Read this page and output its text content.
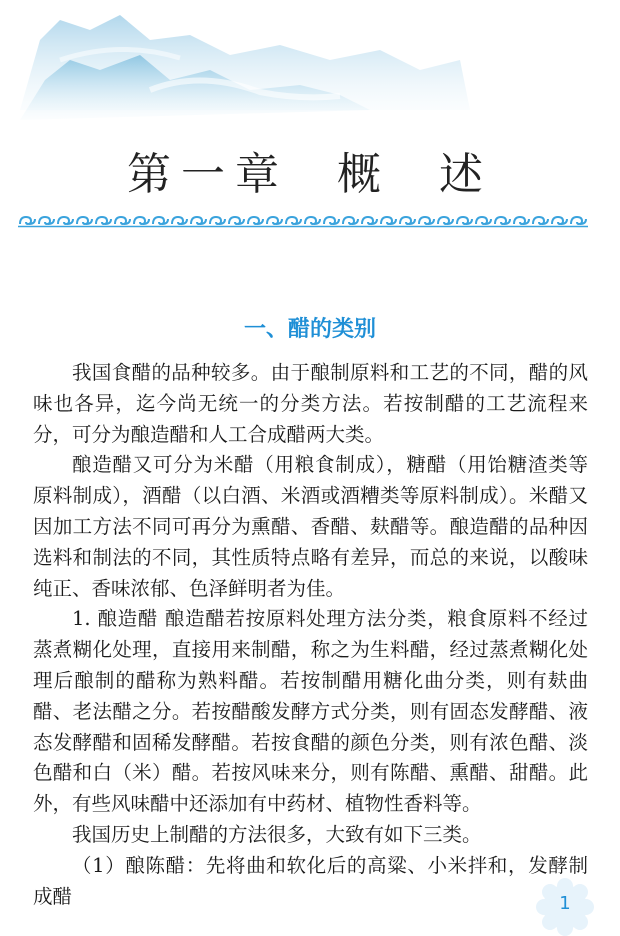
第一章 概 述
一、醋的类别

我国食醋的品种较多。由于酿制原料和工艺的不同，醋的风味也各异，迄今尚无统一的分类方法。若按制醋的工艺流程来分，可分为酿造醋和人工合成醋两大类。

酿造醋又可分为米醋（用粮食制成），糖醋（用饴糖渣类等原料制成），酒醋（以白酒、米酒或酒糟类等原料制成）。米醋又因加工方法不同可再分为熏醋、香醋、麸醋等。酿造醋的品种因选料和制法的不同，其性质特点略有差异，而总的来说，以酸味纯正、香味浓郁、色泽鲜明者为佳。

1. 酿造醋 酿造醋若按原料处理方法分类，粮食原料不经过蒸煮糊化处理，直接用来制醋，称之为生料醋，经过蒸煮糊化处理后酿制的醋称为熟料醋。若按制醋用糖化曲分类，则有麸曲醋、老法醋之分。若按醋酸发酵方式分类，则有固态发酵醋、液态发酵醋和固稀发酵醋。若按食醋的颜色分类，则有浓色醋、淡色醋和白（米）醋。若按风味来分，则有陈醋、熏醋、甜醋。此外，有些风味醋中还添加有中药材、植物性香料等。

我国历史上制醋的方法很多，大致有如下三类。

（1）酿陈醋：先将曲和软化后的高粱、小米拌和，发酵制成醋	1
